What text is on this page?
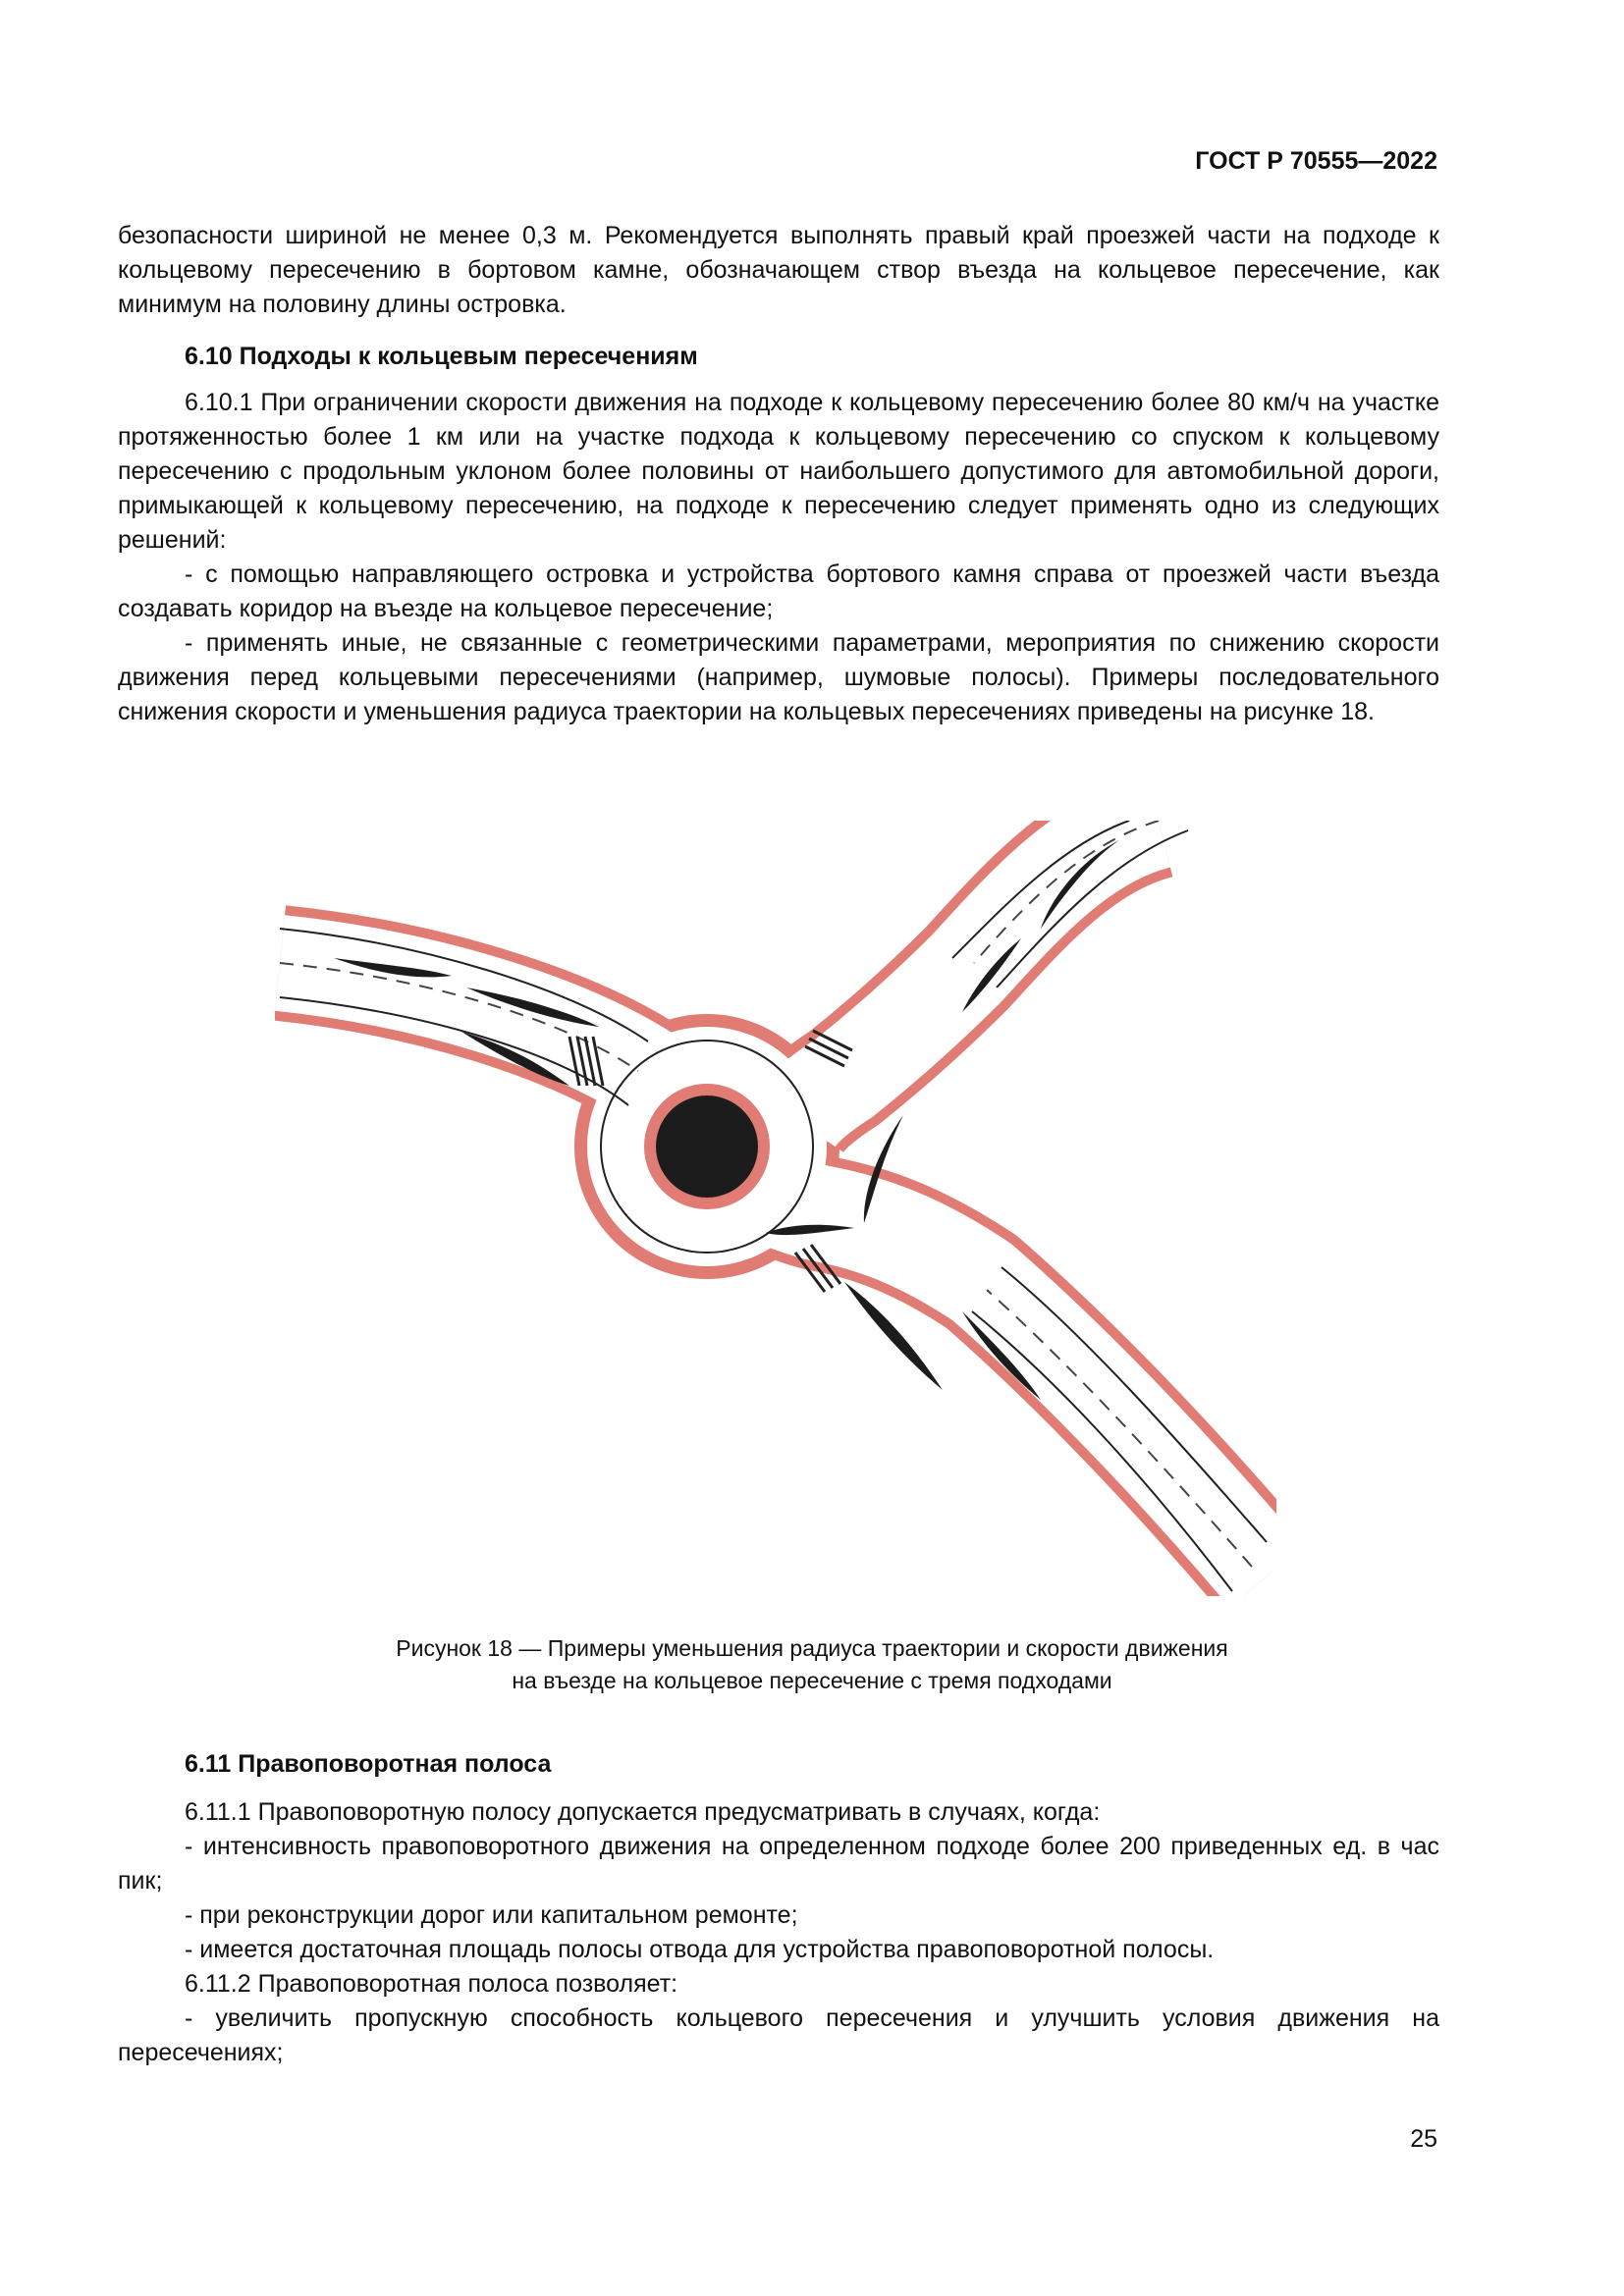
ГОСТ Р 70555—2022

безопасности шириной не менее 0,3 м. Рекомендуется выполнять правый край проезжей части на подходе к кольцевому пересечению в бортовом камне, обозначающем створ въезда на кольцевое пересечение, как минимум на половину длины островка.

6.10 Подходы к кольцевым пересечениям

6.10.1 При ограничении скорости движения на подходе к кольцевому пересечению более 80 км/ч на участке протяженностью более 1 км или на участке подхода к кольцевому пересечению со спуском к кольцевому пересечению с продольным уклоном более половины от наибольшего допустимого для автомобильной дороги, примыкающей к кольцевому пересечению, на подходе к пересечению следует применять одно из следующих решений:

- с помощью направляющего островка и устройства бортового камня справа от проезжей части въезда создавать коридор на въезде на кольцевое пересечение;

- применять иные, не связанные с геометрическими параметрами, мероприятия по снижению скорости движения перед кольцевыми пересечениями (например, шумовые полосы). Примеры последовательного снижения скорости и уменьшения радиуса траектории на кольцевых пересечениях приведены на рисунке 18.

Рисунок 18 — Примеры уменьшения радиуса траектории и скорости движения

на въезде на кольцевое пересечение с тремя подходами

6.11 Правоповоротная полоса

6.11.1 Правоповоротную полосу допускается предусматривать в случаях, когда:

- интенсивность правоповоротного движения на определенном подходе более 200 приведенных ед. в час пик;

- при реконструкции дорог или капитальном ремонте;

- имеется достаточная площадь полосы отвода для устройства правоповоротной полосы.

6.11.2 Правоповоротная полоса позволяет:

- увеличить пропускную способность кольцевого пересечения и улучшить условия движения на пересечениях;

25
